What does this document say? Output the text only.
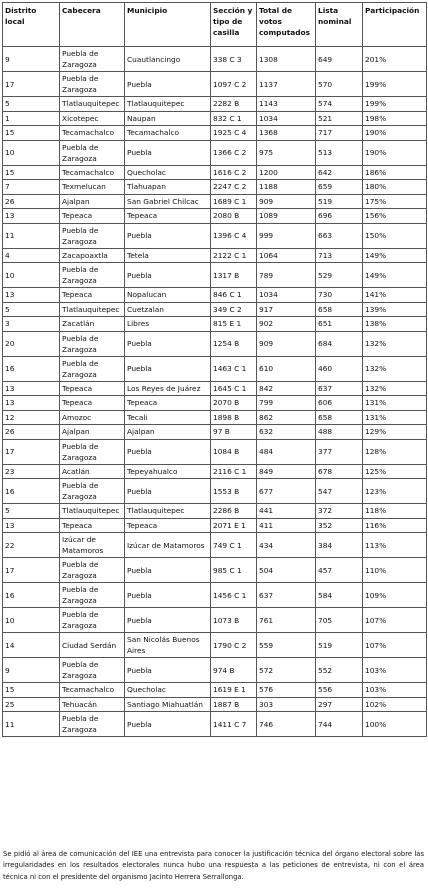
Distrito local	Cabecera	Municipio	Sección y tipo de casilla	Total de votos computados	Lista nominal	Participación
9	Puebla de Zaragoza	Cuautlancingo	338 C 3	1308	649	201%
17	Puebla de Zaragoza	Puebla	1097 C 2	1137	570	199%
5	Tlatlauquitepec	Tlatlauquitepec	2282 B	1143	574	199%
1	Xicotepec	Naupan	832 C 1	1034	521	198%
15	Tecamachalco	Tecamachalco	1925 C 4	1368	717	190%
10	Puebla de Zaragoza	Puebla	1366 C 2	975	513	190%
15	Tecamachalco	Quecholac	1616 C 2	1200	642	186%
7	Texmelucan	Tlahuapan	2247 C 2	1188	659	180%
26	Ajalpan	San Gabriel Chilcac	1689 C 1	909	519	175%
13	Tepeaca	Tepeaca	2080 B	1089	696	156%
11	Puebla de Zaragoza	Puebla	1396 C 4	999	663	150%
4	Zacapoaxtla	Tetela	2122 C 1	1064	713	149%
10	Puebla de Zaragoza	Puebla	1317 B	789	529	149%
13	Tepeaca	Nopalucan	846 C 1	1034	730	141%
5	Tlatlauquitepec	Cuetzalan	349 C 2	917	658	139%
3	Zacatlán	Libres	815 E 1	902	651	138%
20	Puebla de Zaragoza	Puebla	1254 B	909	684	132%
16	Puebla de Zaragoza	Puebla	1463 C 1	610	460	132%
13	Tepeaca	Los Reyes de Juárez	1645 C 1	842	637	132%
13	Tepeaca	Tepeaca	2070 B	799	606	131%
12	Amozoc	Tecali	1898 B	862	658	131%
26	Ajalpan	Ajalpan	97 B	632	488	129%
17	Puebla de Zaragoza	Puebla	1084 B	484	377	128%
23	Acatlán	Tepeyahualco	2116 C 1	849	678	125%
16	Puebla de Zaragoza	Puebla	1553 B	677	547	123%
5	Tlatlauquitepec	Tlatlauquitepec	2286 B	441	372	118%
13	Tepeaca	Tepeaca	2071 E 1	411	352	116%
22	Izúcar de Matamoros	Izúcar de Matamoros	749 C 1	434	384	113%
17	Puebla de Zaragoza	Puebla	985 C 1	504	457	110%
16	Puebla de Zaragoza	Puebla	1456 C 1	637	584	109%
10	Puebla de Zaragoza	Puebla	1073 B	761	705	107%
14	Ciudad Serdán	San Nicolás Buenos Aires	1790 C 2	559	519	107%
9	Puebla de Zaragoza	Puebla	974 B	572	552	103%
15	Tecamachalco	Quecholac	1619 E 1	576	556	103%
25	Tehuacán	Santiago Miahuatlán	1887 B	303	297	102%
11	Puebla de Zaragoza	Puebla	1411 C 7	746	744	100%

Se pidió al área de comunicación del IEE una entrevista para conocer la justificación técnica del órgano electoral sobre las irregularidades en los resultados electorales nunca hubo una respuesta a las peticiones de entrevista, ni con el área técnica ni con el presidente del organismo Jacinto Herrera Serrallonga.
